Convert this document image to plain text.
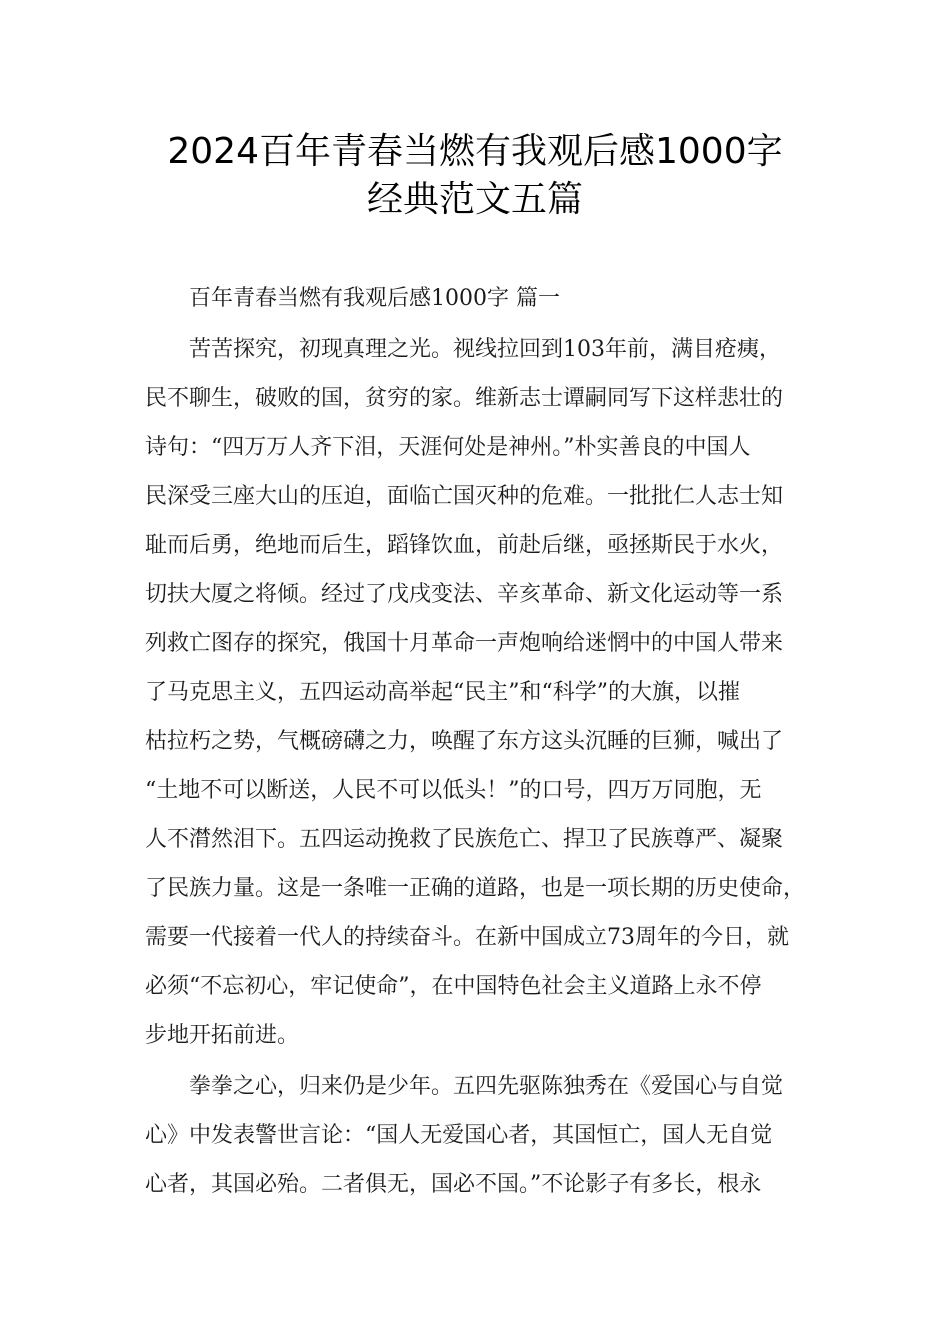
2024百年青春当燃有我观后感1000字
经典范文五篇
百年青春当燃有我观后感1000字 篇一
苦苦探究，初现真理之光。视线拉回到103年前，满目疮痍，
民不聊生，破败的国，贫穷的家。维新志士谭嗣同写下这样悲壮的
诗句：“四万万人齐下泪，天涯何处是神州。”朴实善良的中国人
民深受三座大山的压迫，面临亡国灭种的危难。一批批仁人志士知
耻而后勇，绝地而后生，蹈锋饮血，前赴后继，亟拯斯民于水火，
切扶大厦之将倾。经过了戊戌变法、辛亥革命、新文化运动等一系
列救亡图存的探究，俄国十月革命一声炮响给迷惘中的中国人带来
了马克思主义，五四运动高举起“民主”和“科学”的大旗，以摧
枯拉朽之势，气概磅礴之力，唤醒了东方这头沉睡的巨狮，喊出了
“土地不可以断送，人民不可以低头！”的口号，四万万同胞，无
人不潸然泪下。五四运动挽救了民族危亡、捍卫了民族尊严、凝聚
了民族力量。这是一条唯一正确的道路，也是一项长期的历史使命，
需要一代接着一代人的持续奋斗。在新中国成立73周年的今日，就
必须“不忘初心，牢记使命”，在中国特色社会主义道路上永不停
步地开拓前进。
拳拳之心，归来仍是少年。五四先驱陈独秀在《爱国心与自觉
心》中发表警世言论：“国人无爱国心者，其国恒亡，国人无自觉
心者，其国必殆。二者俱无，国必不国。”不论影子有多长，根永
